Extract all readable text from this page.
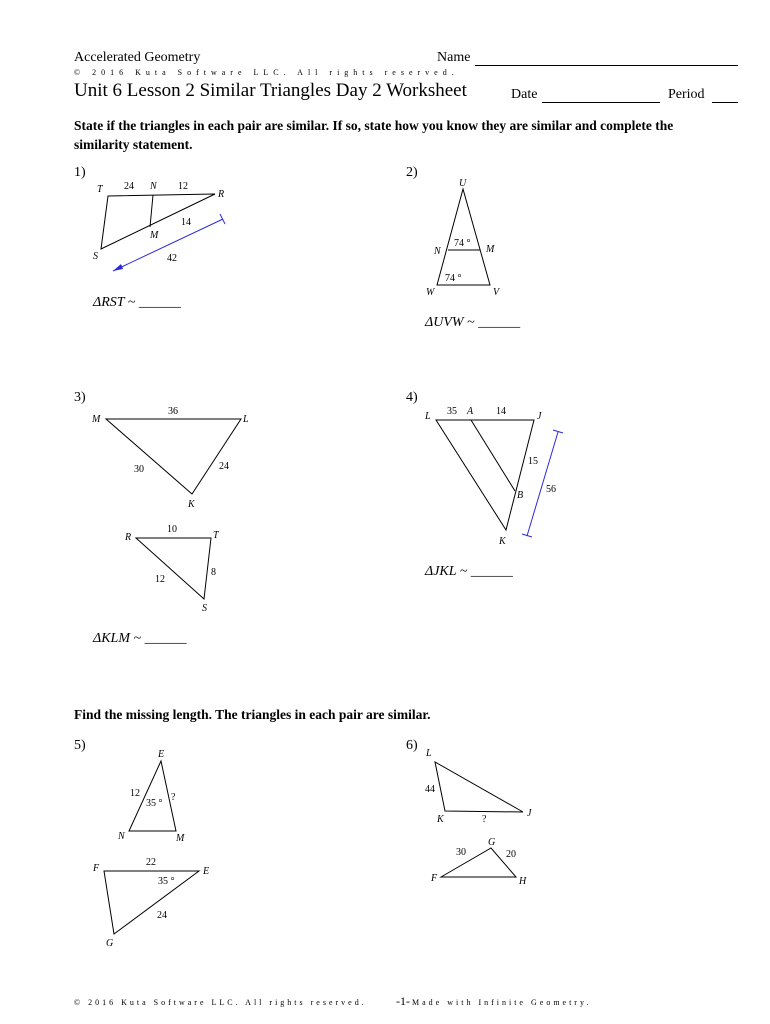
Accelerated Geometry
© 2016 Kuta Software LLC. All rights reserved.
Name
Unit 6 Lesson 2 Similar Triangles Day 2 Worksheet	Date	Period
State if the triangles in each pair are similar. If so, state how you know they are similar and complete the similarity statement.
1)	2)
3)	4)
5)	6)
ΔRST ~ ______
ΔUVW ~ ______
ΔKLM ~ ______
ΔJKL ~ ______
Find the missing length. The triangles in each pair are similar.
T	N
R
M
S
24	12
14
42
U
N	M
W	V
74 °
74 °
M	L
K
R	T
S
36
30	24
10
12
8
L	A	J
B
K
35	14
15
56
E
N	M
F	E
G
12
35 °
?
22
35 °
24
L
K
J
G
F	H
44
?
30	20
© 2016 Kuta Software LLC. All rights reserved. -1- Made with Infinite Geometry.
